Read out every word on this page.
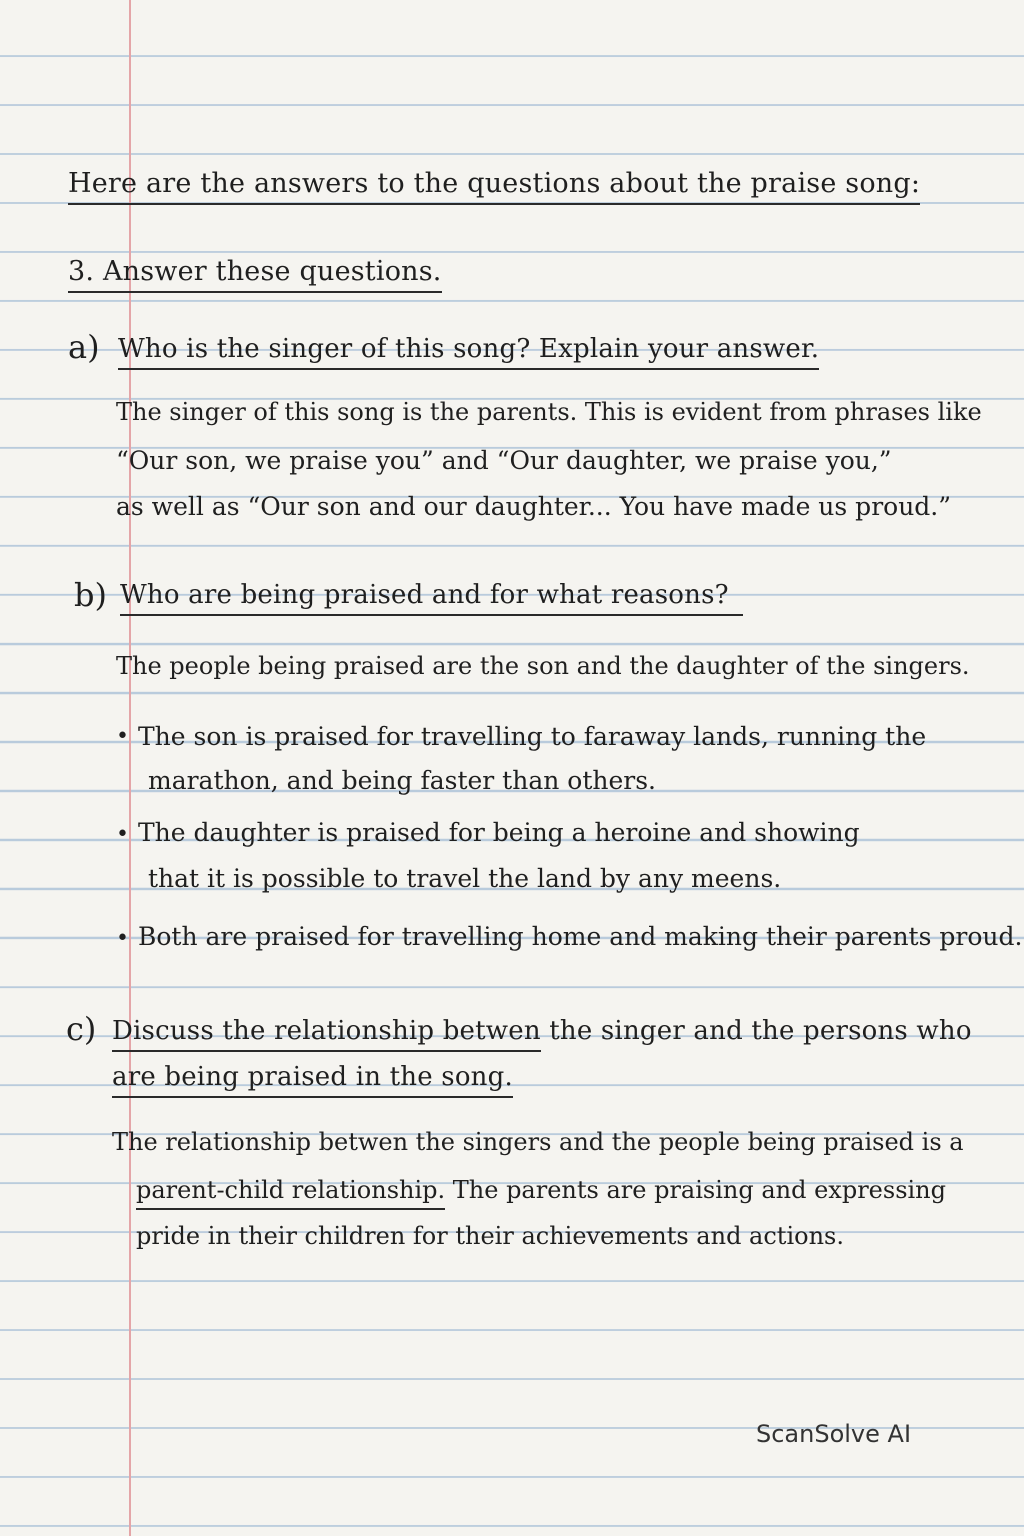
Here are the answers to the questions about the praise song:
3. Answer these questions.
a) Who is the singer of this song? Explain your answer.
The singer of this song is the parents. This is evident from phrases like
“Our son, we praise you” and “Our daughter, we praise you,”
as well as “Our son and our daughter... You have made us proud.”
b) Who are being praised and for what reasons?
The people being praised are the son and the daughter of the singers.
• The son is praised for travelling to faraway lands, running the
marathon, and being faster than others.
• The daughter is praised for being a heroine and showing
that it is possible to travel the land by any meens.
• Both are praised for travelling home and making their parents proud.
c) Discuss the relationship betwen the singer and the persons who
are being praised in the song.
The relationship betwen the singers and the people being praised is a
parent-child relationship. The parents are praising and expressing
pride in their children for their achievements and actions.
ScanSolve AI
